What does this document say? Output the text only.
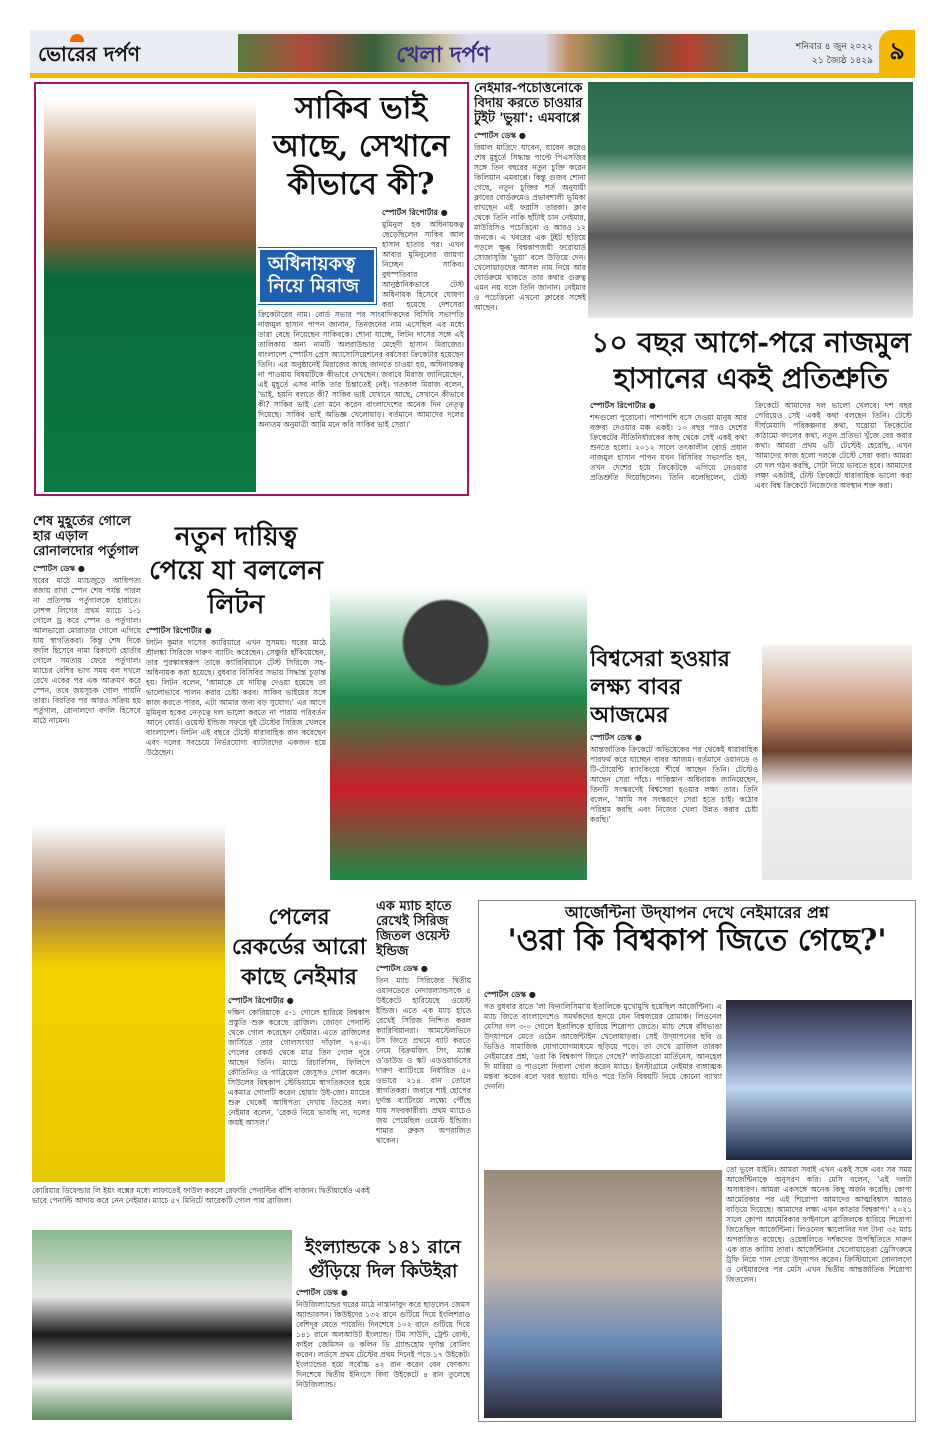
ভোরের দর্পণ	খেলা দর্পণ	শনিবার ৪ জুন ২০২২
২১ জ্যৈষ্ঠ ১৪২৯ ৯
সাকিব ভাই আছে, সেখানে কীভাবে কী?
অধিনায়কত্ব নিয়ে মিরাজ
স্পোর্টস রিপোর্টার ●
মুমিনুল হক অধিনায়কত্ব ছেড়েছিলেন সাকিব আল হাসান হাতার পর। এখন আবার মুমিনুলের জায়গা নিচ্ছেন সাকিব। বুধস্পতিবার আনুষ্ঠানিকভাবে টেস্ট অধিনায়ক হিসেবে ঘোষণা করা হয়েছে দেশসেরা ক্রিকেটারের নাম। বোর্ড সভার পর সাংবাদিকদের বিসিবি সভাপতি নাজমুল হাসান পাপন জানান, তিনজনের নাম এসেছিল এর মধ্যে তারা বেছে নিয়েছেন সাকিবকে। শোনা যাচ্ছে, লিটন দাসের সঙ্গে এই তালিকায় অন্য নামটি অলরাউন্ডার মেহেদী হাসান মিরাজের। বাংলাদেশ স্পোর্টস প্রেস অ্যাসোসিয়েশনের বর্ষসেরা ক্রিকেটার হয়েছেন তিনি। এর অনুষ্ঠানেই মিরাজের কাছে জানতে চাওয়া হয়, অধিনায়কত্ব না পাওয়ায় বিষয়টিকে কীভাবে দেখছেন। জবাবে মিরাজ জানিয়েছেন, এই মুহূর্তে এসব নাকি তার চিন্তাতেই নেই। গতকাল মিরাজ বলেন, 'ভাই, হয়নি বলতে কী? সাকিব ভাই যেখানে আছে, সেখানে কীভাবে কী? সাকিব ভাই তো মনে করেন বাংলাদেশের অনেক দিন নেতৃত্ব দিয়েছে। সাকিব ভাই অভিজ্ঞ খেলোয়াড়। বর্তমানে আমাদের দলের অন্যতম অনুমাত্রী আমি মনে করি সাকিব ভাই সেরা।'
নেইমার-পচেত্তিনোকে বিদায় করতে চাওয়ার টুইট 'ভুয়া': এমবাপ্পে
স্পোর্টস ডেস্ক ●
রিয়াল মাদ্রিদে যাবেন, যাবেন করেও শেষ মুহূর্তে সিদ্ধান্ত পাল্টে পিএসজির সঙ্গে তিন বছরের নতুন চুক্তি করেন কিলিয়ান এমবাপ্পে। কিন্তু গুজব শোনা গেছে, নতুন চুক্তির শর্ত অনুযায়ী ক্লাবের বোর্ডরুমেও প্রভাবশালী ভূমিকা রাখছেন এই ফরাসি তারকা। ক্লাব থেকে তিনি নাকি ছাঁটাই চান নেইমার, মাউরিসিও পচেত্তিনো ও আরও ১২ জনকে। এ খবরের এক টুইট ছড়িয়ে পড়লে ক্ষুব্ধ বিশ্বকাপজয়ী ফরোয়ার্ড সোজাসুজি 'ভুয়া' বলে উড়িয়ে দেন। খেলোয়াড়দের আসল নাম নিয়ে আর বোর্ডরুমে থাকতে তার কথার গুরুত্ব এমন নয় বলে তিনি জানান। নেইমার ও পচেত্তিনো এখনো ক্লাবের সঙ্গেই আছেন।
১০ বছর আগে-পরে নাজমুল হাসানের একই প্রতিশ্রুতি
স্পোর্টস রিপোর্টার ●
শব্দগুলো পুরোনো। পাশাপাশি বসে দেওয়া মানুষ আর বক্তব্য দেওয়ার মঞ্চ একই। ১০ বছর পরও দেশের ক্রিকেটের নীতিনির্ধারকের কাছ থেকে সেই একই কথা শুনতে হলো। ২০১২ সালে তৎকালীন বোর্ড প্রধান নাজমুল হাসান পাপন যখন বিসিবির সভাপতি হন, তখন দেশের হয়ে ক্রিকেটকে এগিয়ে নেওয়ার প্রতিশ্রুতি দিয়েছিলেন। তিনি বলেছিলেন, টেস্ট ক্রিকেটে আমাদের দল ভালো খেলবে। দশ বছর পেরিয়েও সেই একই কথা বলছেন তিনি। টেস্টে দীর্ঘমেয়াদি পরিকল্পনার কথা, ঘরোয়া ক্রিকেটের কাঠামো বদলের কথা, নতুন প্রতিভা খুঁজে বের করার কথা। আমরা প্রথম ৬টি টেস্টেই হেরেছি, এখন আমাদের কাজ হলো দলকে টেস্টে সেরা করা। আমরা যে দল গঠন করছি, সেটা নিয়ে ভাবতে হবে। আমাদের লক্ষ্য একটাই, টেস্ট ক্রিকেটে ধারাবাহিক ভালো করা এবং বিশ্ব ক্রিকেটে নিজেদের অবস্থান শক্ত করা।
শেষ মুহূর্তের গোলে হার এড়াল রোনালদোর পর্তুগাল
স্পোর্টস ডেস্ক ●
ঘরের মাঠে ম্যাচজুড়ে আধিপত্য বজায় রাখা স্পেন শেষ পর্যন্ত পারল না প্রতিপক্ষ পর্তুগালকে হারাতে। নেশন্স লিগের প্রথম ম্যাচে ১-১ গোলে ড্র করে স্পেন ও পর্তুগাল। আলভারো মোরাতার গোলে এগিয়ে যায় স্বাগতিকরা। কিন্তু শেষ দিকে বদলি হিসেবে নামা রিকার্দো হোর্তার গোলে সমতায় ফেরে পর্তুগাল। ম্যাচের বেশির ভাগ সময় বল দখলে রেখে একের পর এক আক্রমণ করে স্পেন, তবে জয়সূচক গোল পায়নি তারা। বিরতির পর আরও সক্রিয় হয় পর্তুগাল, রোনালদো বদলি হিসেবে মাঠে নামেন।
নতুন দায়িত্ব পেয়ে যা বললেন লিটন
স্পোর্টস রিপোর্টার ●
লিটন কুমার দাসের ক্যারিয়ারে এখন সুসময়। ঘরের মাঠে শ্রীলঙ্কা সিরিজে দারুণ ব্যাটিং করেছেন। সেঞ্চুরি হাঁকিয়েছেন, তার পুরস্কারস্বরূপ তাকে ক্যারিবিয়ানে টেস্ট সিরিজে সহ-অধিনায়ক করা হয়েছে। বুধবার বিসিবির সভায় সিদ্ধান্ত চূড়ান্ত হয়। লিটন বলেন, 'আমাকে যে দায়িত্ব দেওয়া হয়েছে তা ভালোভাবে পালন করার চেষ্টা করব। সাকিব ভাইয়ের সঙ্গে কাজ করতে পারব, এটা আমার জন্য বড় সুযোগ।' এর আগে মুমিনুল হকের নেতৃত্বে দল ভালো করতে না পারায় পরিবর্তন আনে বোর্ড। ওয়েস্ট ইন্ডিজ সফরে দুই টেস্টের সিরিজ খেলবে বাংলাদেশ। লিটন এই বছরে টেস্টে ধারাবাহিক রান করেছেন এবং দলের সবচেয়ে নির্ভরযোগ্য ব্যাটারদের একজন হয়ে উঠেছেন।
বিশ্বসেরা হওয়ার লক্ষ্য বাবর আজমের
স্পোর্টস ডেস্ক ●
আন্তর্জাতিক ক্রিকেটে অভিষেকের পর থেকেই ধারাবাহিক পারফর্ম করে যাচ্ছেন বাবর আজম। বর্তমানে ওয়ানডে ও টি-টোয়েন্টি র‌্যাংকিংয়ে শীর্ষে আছেন তিনি। টেস্টেও আছেন সেরা পাঁচে। পাকিস্তান অধিনায়ক জানিয়েছেন, তিনটি সংস্করণেই বিশ্বসেরা হওয়ার লক্ষ্য তার। তিনি বলেন, 'আমি সব সংস্করণে সেরা হতে চাই। কঠোর পরিশ্রম করছি এবং নিজের খেলা উন্নত করার চেষ্টা করছি।'
পেলের রেকর্ডের আরো কাছে নেইমার
স্পোর্টস রিপোর্টার ●
দক্ষিণ কোরিয়াকে ৫-১ গোলে হারিয়ে বিশ্বকাপ প্রস্তুতি শুরু করেছে ব্রাজিল। জোড়া পেনাল্টি থেকে গোল করেছেন নেইমার। এতে ব্রাজিলের জার্সিতে তার গোলসংখ্যা দাঁড়াল ৭৪-এ। পেলের রেকর্ড থেকে মাত্র তিন গোল দূরে আছেন তিনি। ম্যাচে রিচার্লিসন, ফিলিপে কৌতিনিও ও গাব্রিয়েল জেসুসও গোল করেন। সিউলের বিশ্বকাপ স্টেডিয়ামে স্বাগতিকদের হয়ে একমাত্র গোলটি করেন হোয়াং উই-জো। ম্যাচের শুরু থেকেই আধিপত্য দেখায় তিতের দল। নেইমার বলেন, 'রেকর্ড নিয়ে ভাবছি না, দলের জয়ই আসল।'
কোরিয়ার ডিফেন্ডার লি ইয়ং বক্সের মধ্যে লাফাতেই ফাউল করলে রেফারি পেনাল্টির বাঁশি বাজান। দ্বিতীয়ার্ধেও একই ভাবে পেনাল্টি আদায় করে নেন নেইমার। ম্যাচে ৫৭ মিনিটে আরেকটি গোল পায় ব্রাজিল।
এক ম্যাচ হাতে রেখেই সিরিজ জিতল ওয়েস্ট ইন্ডিজ
স্পোর্টস ডেস্ক ●
তিন ম্যাচ সিরিজের দ্বিতীয় ওয়ানডেতে নেদারল্যান্ডসকে ৫ উইকেটে হারিয়েছে ওয়েস্ট ইন্ডিজ। এতে এক ম্যাচ হাতে রেখেই সিরিজ নিশ্চিত করল ক্যারিবিয়ানরা। আমস্টেলভিনে টস জিতে প্রথমে ব্যাট করতে নেমে বিক্রমজিৎ সিং, ম্যাক্স ও'ডাউড ও স্কট এডওয়ার্ডসের দারুণ ব্যাটিংয়ে নির্ধারিত ৫০ ওভারে ২১৪ রান তোলে স্বাগতিকরা। জবাবে শাই হোপের দুর্দান্ত ব্যাটিংয়ে লক্ষ্যে পৌঁছে যায় সফরকারীরা। প্রথম ম্যাচেও জয় পেয়েছিল ওয়েস্ট ইন্ডিজ। শামার ব্রুকস অপরাজিত থাকেন।
আর্জেন্টিনা উদ্‌যাপন দেখে নেইমারের প্রশ্ন
'ওরা কি বিশ্বকাপ জিতে গেছে?'
স্পোর্টস ডেস্ক ●
গত বুধবার রাতে 'লা ফিনালিসিমা'য় ইতালিকে মুখোমুখি হয়েছিল আর্জেন্টিনা। এ ম্যাচ জিতে বাংলাদেশেও সমর্থকদের হৃদয়ে যেন বিশ্বজয়ের রোমাঞ্চ। লিওনেল মেসির দল ৩-০ গোলে ইতালিকে হারিয়ে শিরোপা জেতে। ম্যাচ শেষে বাঁধভাঙা উদ্‌যাপনে মেতে ওঠেন আর্জেন্টাইন খেলোয়াড়রা। সেই উদ্‌যাপনের ছবি ও ভিডিও সামাজিক যোগাযোগমাধ্যমে ছড়িয়ে পড়ে। তা দেখে ব্রাজিল তারকা নেইমারের প্রশ্ন, 'ওরা কি বিশ্বকাপ জিতে গেছে?' লাউতারো মার্তিনেস, আনহেল দি মারিয়া ও পাওলো দিবালা গোল করেন ম্যাচে। ইনস্টাগ্রামে নেইমার ব্যঙ্গাত্মক মন্তব্য করেন বলে খবর ছড়ায়। যদিও পরে তিনি বিষয়টি নিয়ে কোনো ব্যাখ্যা দেননি।
তো ভুলে যাইনি। আমরা সবাই এখন একই সঙ্গে এবং সব সময় আর্জেন্টিনাকে অনুসরণ করি। মেসি বলেন, 'এই দলটা অসাধারণ। আমরা একসঙ্গে অনেক কিছু অর্জন করেছি। কোপা আমেরিকার পর এই শিরোপা আমাদের আত্মবিশ্বাস আরও বাড়িয়ে দিয়েছে। আমাদের লক্ষ্য এখন কাতার বিশ্বকাপ।' ২০২১ সালে কোপা আমেরিকার ফাইনালে ব্রাজিলকে হারিয়ে শিরোপা জিতেছিল আর্জেন্টিনা। লিওনেল স্কালোনির দল টানা ৩২ ম্যাচ অপরাজিত রয়েছে। ওয়েম্বলিতে দর্শকদের উপস্থিতিতে দারুণ এক রাত কাটায় তারা। আর্জেন্টিনার খেলোয়াড়েরা ড্রেসিংরুমে ট্রফি নিয়ে গান গেয়ে উদ্‌যাপন করেন। ক্রিস্টিয়ানো রোনালদো ও নেইমারদের পর মেসি এখন দ্বিতীয় আন্তর্জাতিক শিরোপা জিতলেন।
ইংল্যান্ডকে ১৪১ রানে গুঁড়িয়ে দিল কিউইরা
স্পোর্টস ডেস্ক ●
নিউজিল্যান্ডের ঘরের মাঠে নাস্তানাবুদ করে ছাড়লেন জেমস অ্যান্ডারসন। কিউইদের ১৩২ রানে গুটিয়ে দিয়ে ইংলিশরাও বেশিদূর যেতে পারেনি। দিনশেষে ১০২ রানে গুটিয়ে দিয়ে ১৪১ রানে অলআউট ইংল্যান্ড। টিম সাউদি, ট্রেন্ট বোল্ট, কাইল জেমিসন ও কলিন ডি গ্র্যান্ডহোম দুর্দান্ত বোলিং করেন। লর্ডসে প্রথম টেস্টের প্রথম দিনেই পড়ে ১৭ উইকেট। ইংল্যান্ডের হয়ে সর্বোচ্চ ৪২ রান করেন বেন ফোকস। দিনশেষে দ্বিতীয় ইনিংসে বিনা উইকেটে ৪ রান তুলেছে নিউজিল্যান্ড।
